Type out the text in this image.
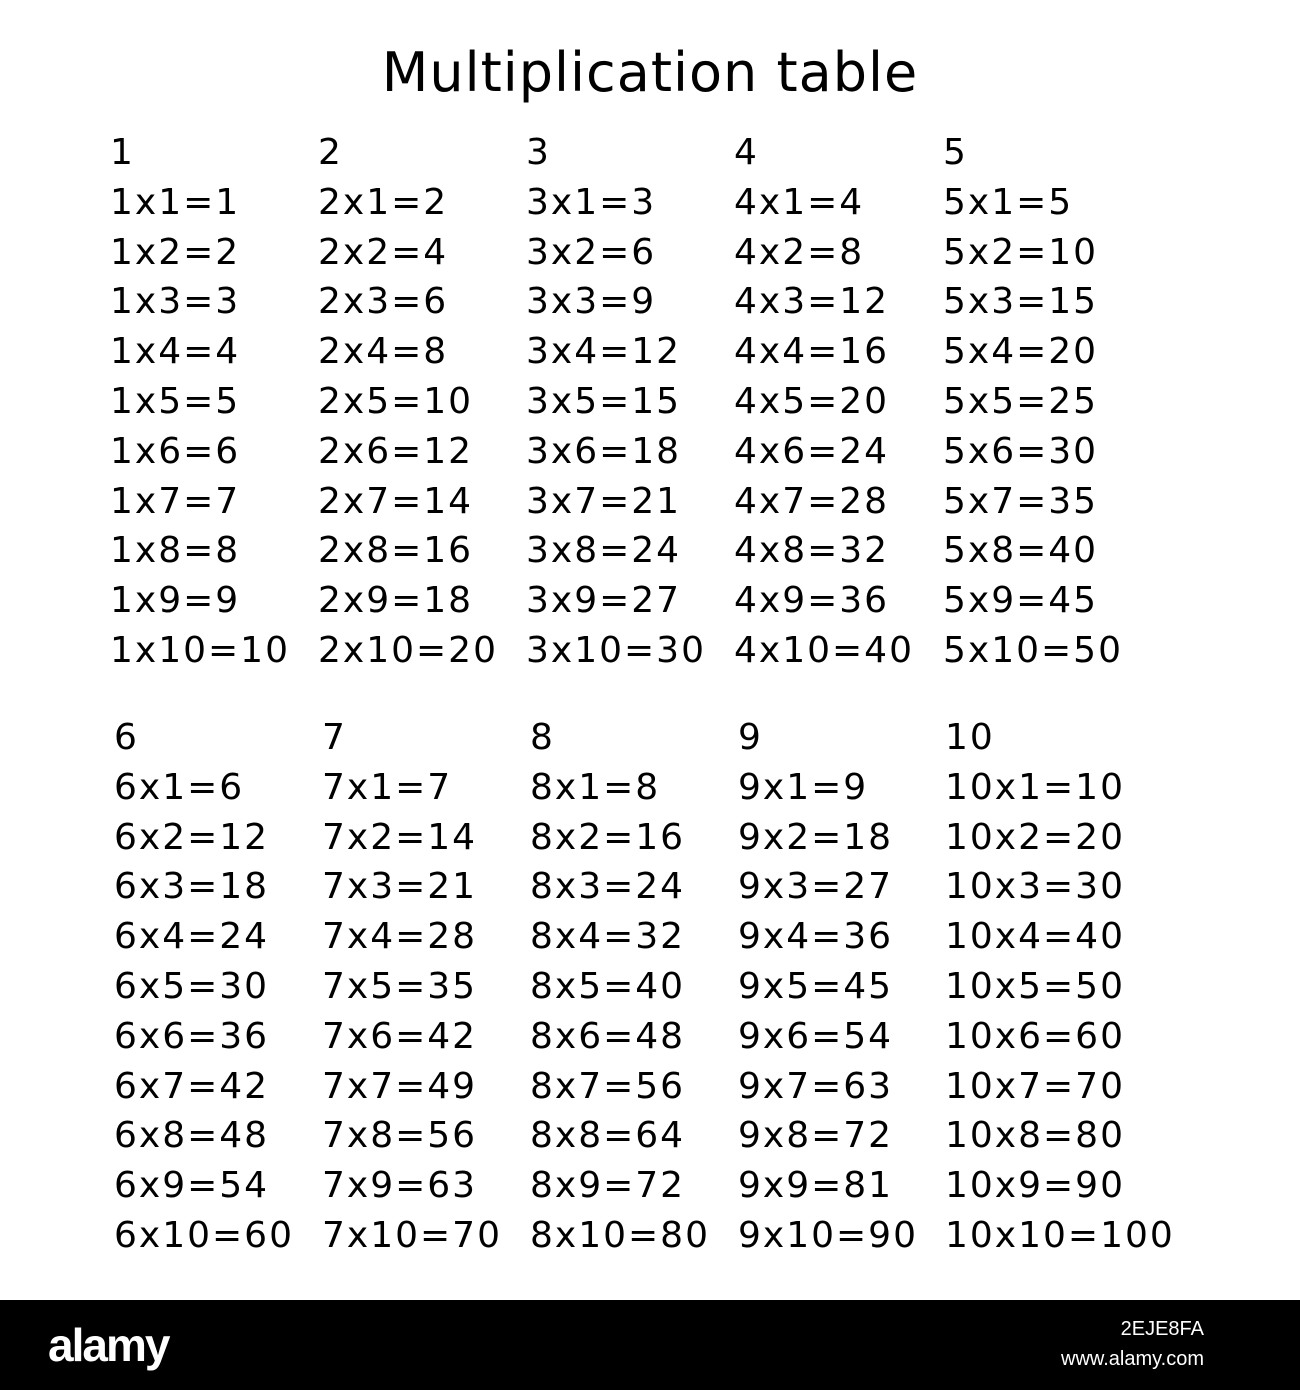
Multiplication table
1
1x1=1
1x2=2
1x3=3
1x4=4
1x5=5
1x6=6
1x7=7
1x8=8
1x9=9
1x10=10
2
2x1=2
2x2=4
2x3=6
2x4=8
2x5=10
2x6=12
2x7=14
2x8=16
2x9=18
2x10=20
3
3x1=3
3x2=6
3x3=9
3x4=12
3x5=15
3x6=18
3x7=21
3x8=24
3x9=27
3x10=30
4
4x1=4
4x2=8
4x3=12
4x4=16
4x5=20
4x6=24
4x7=28
4x8=32
4x9=36
4x10=40
5
5x1=5
5x2=10
5x3=15
5x4=20
5x5=25
5x6=30
5x7=35
5x8=40
5x9=45
5x10=50
6
6x1=6
6x2=12
6x3=18
6x4=24
6x5=30
6x6=36
6x7=42
6x8=48
6x9=54
6x10=60
7
7x1=7
7x2=14
7x3=21
7x4=28
7x5=35
7x6=42
7x7=49
7x8=56
7x9=63
7x10=70
8
8x1=8
8x2=16
8x3=24
8x4=32
8x5=40
8x6=48
8x7=56
8x8=64
8x9=72
8x10=80
9
9x1=9
9x2=18
9x3=27
9x4=36
9x5=45
9x6=54
9x7=63
9x8=72
9x9=81
9x10=90
10
10x1=10
10x2=20
10x3=30
10x4=40
10x5=50
10x6=60
10x7=70
10x8=80
10x9=90
10x10=100
alamy	2EJE8FA
www.alamy.com
